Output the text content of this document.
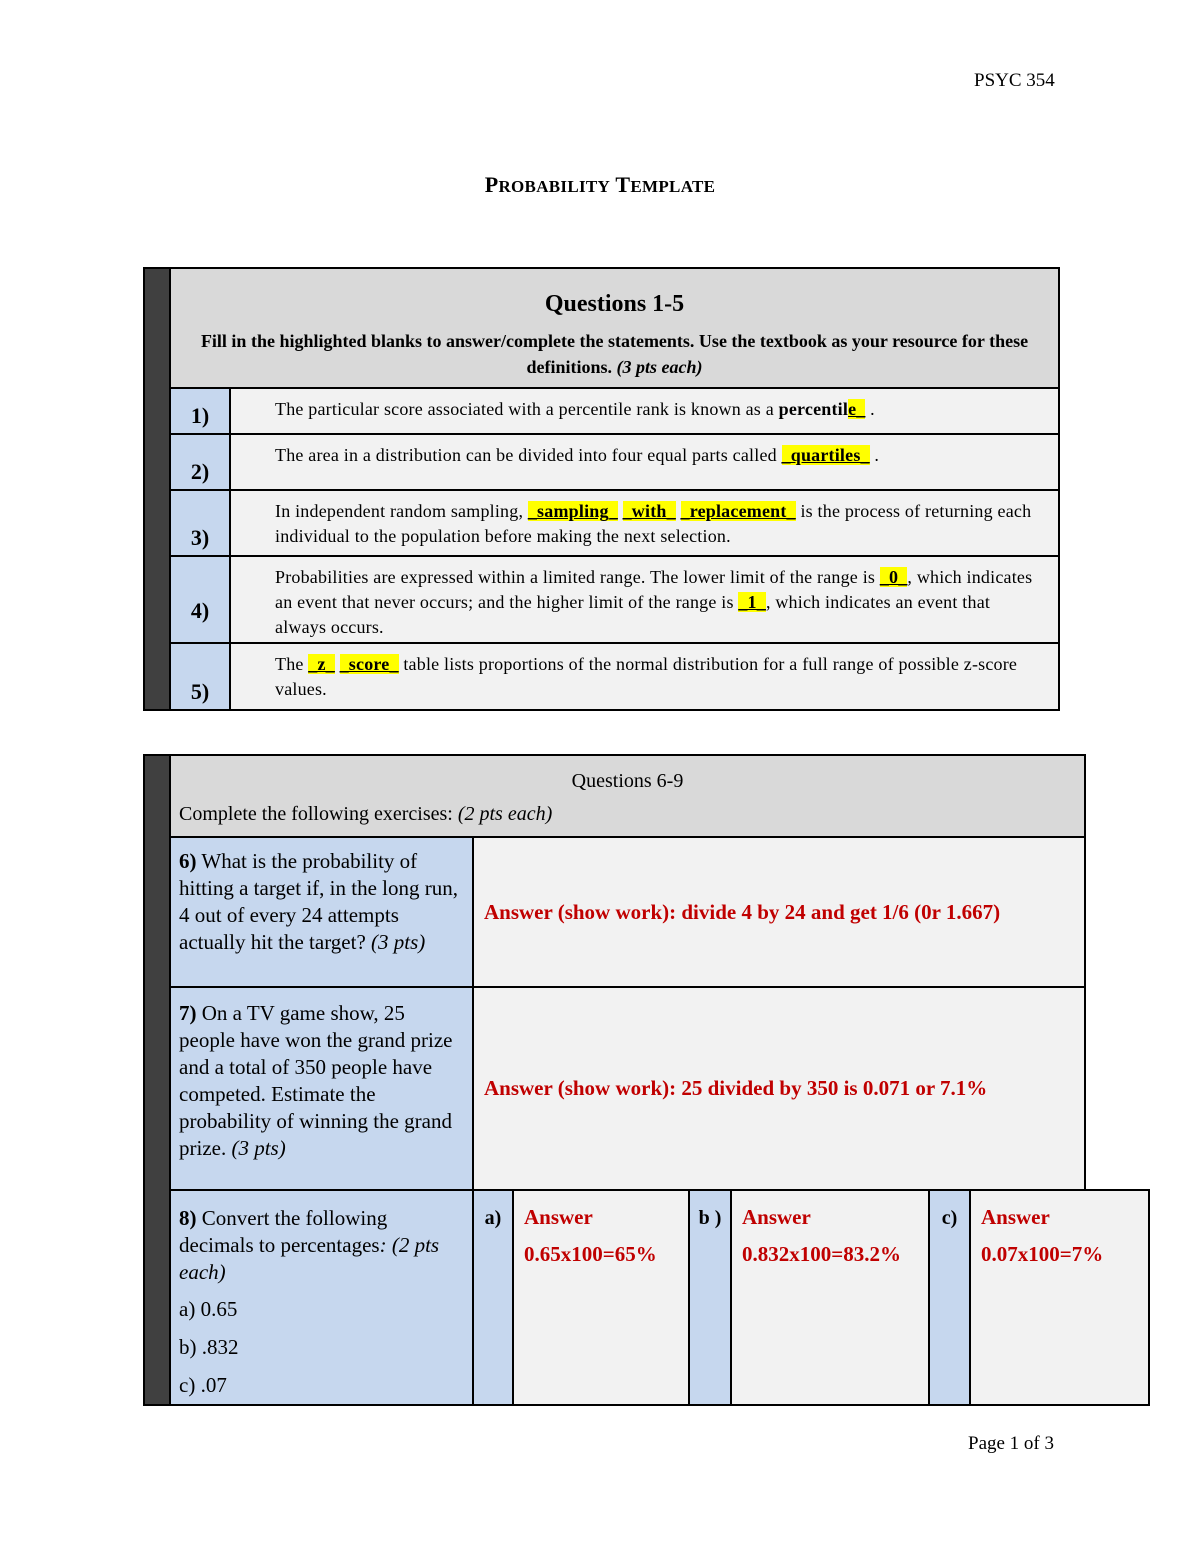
PSYC 354
PROBABILITY TEMPLATE
Questions 1-5
Fill in the highlighted blanks to answer/complete the statements. Use the textbook as your resource for these definitions. (3 pts each)
1)	The particular score associated with a percentile rank is known as a percentile_ .
2)
The area in a distribution can be divided into four equal parts called _quartiles_ .
3)
In independent random sampling, _sampling_ _with_ _replacement_ is the process of returning each individual to the population before making the next selection.
4)
Probabilities are expressed within a limited range. The lower limit of the range is _0_, which indicates an event that never occurs; and the higher limit of the range is _1_, which indicates an event that always occurs.
5)
The _z_ _score_ table lists proportions of the normal distribution for a full range of possible z-score values.
Questions 6-9
Complete the following exercises: (2 pts each)
6) What is the probability of hitting a target if, in the long run, 4 out of every 24 attempts actually hit the target? (3 pts)
Answer (show work): divide 4 by 24 and get 1/6 (0r 1.667)
7) On a TV game show, 25 people have won the grand prize and a total of 350 people have competed. Estimate the probability of winning the grand prize. (3 pts)
Answer (show work): 25 divided by 350 is 0.071 or 7.1%
8) Convert the following decimals to percentages: (2 pts each)
a) 0.65
b) .832
c) .07
a)	Answer
0.65x100=65%
b ) Answer
0.832x100=83.2%
c)	Answer
0.07x100=7%
Page 1 of 3
